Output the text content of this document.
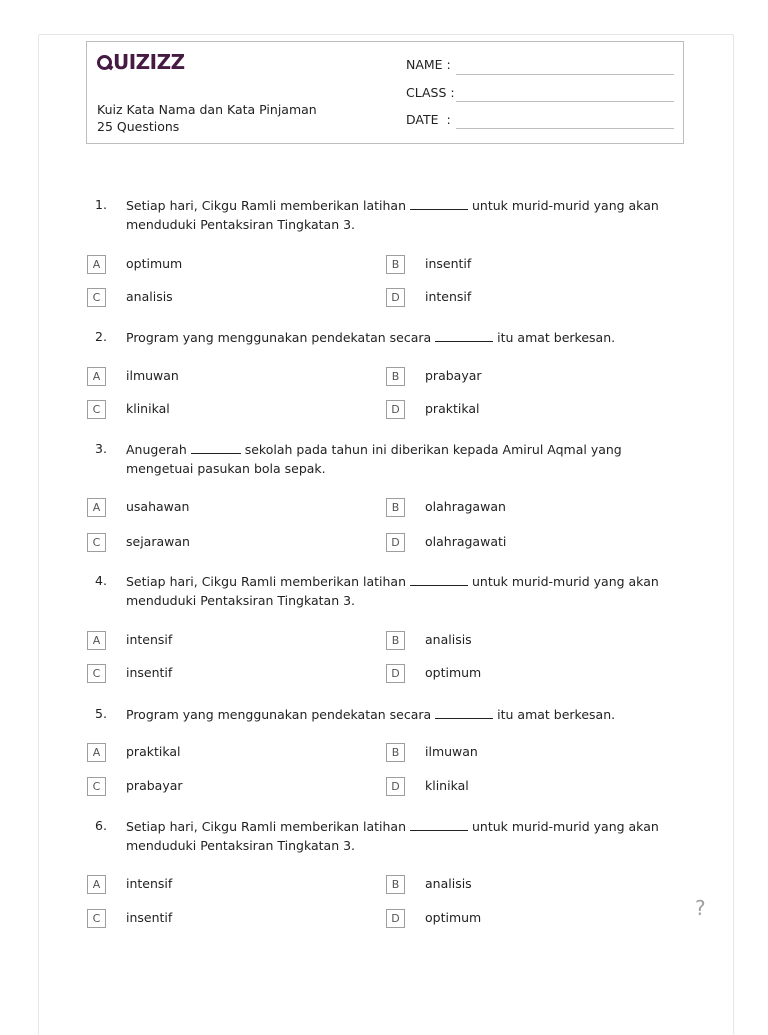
UIZIZZ
Kuiz Kata Nama dan Kata Pinjaman
25 Questions
NAME :
CLASS :
DATE  :
1. Setiap hari, Cikgu Ramli memberikan latihan	untuk murid-murid yang akan
menduduki Pentaksiran Tingkatan 3.
A	optimum	B	insentif
C	analisis	D	intensif
2. Program yang menggunakan pendekatan secara	itu amat berkesan.
A	ilmuwan	B	prabayar
C	klinikal	D	praktikal
3. Anugerah	sekolah pada tahun ini diberikan kepada Amirul Aqmal yang
mengetuai pasukan bola sepak.
A	usahawan	B	olahragawan
C	sejarawan	D	olahragawati
4. Setiap hari, Cikgu Ramli memberikan latihan	untuk murid-murid yang akan
menduduki Pentaksiran Tingkatan 3.
A	intensif	B	analisis
C	insentif	D	optimum
5. Program yang menggunakan pendekatan secara	itu amat berkesan.
A	praktikal	B	ilmuwan
C	prabayar	D	klinikal
6. Setiap hari, Cikgu Ramli memberikan latihan	untuk murid-murid yang akan
menduduki Pentaksiran Tingkatan 3.
A	intensif	B	analisis
C	insentif	D	optimum	?
